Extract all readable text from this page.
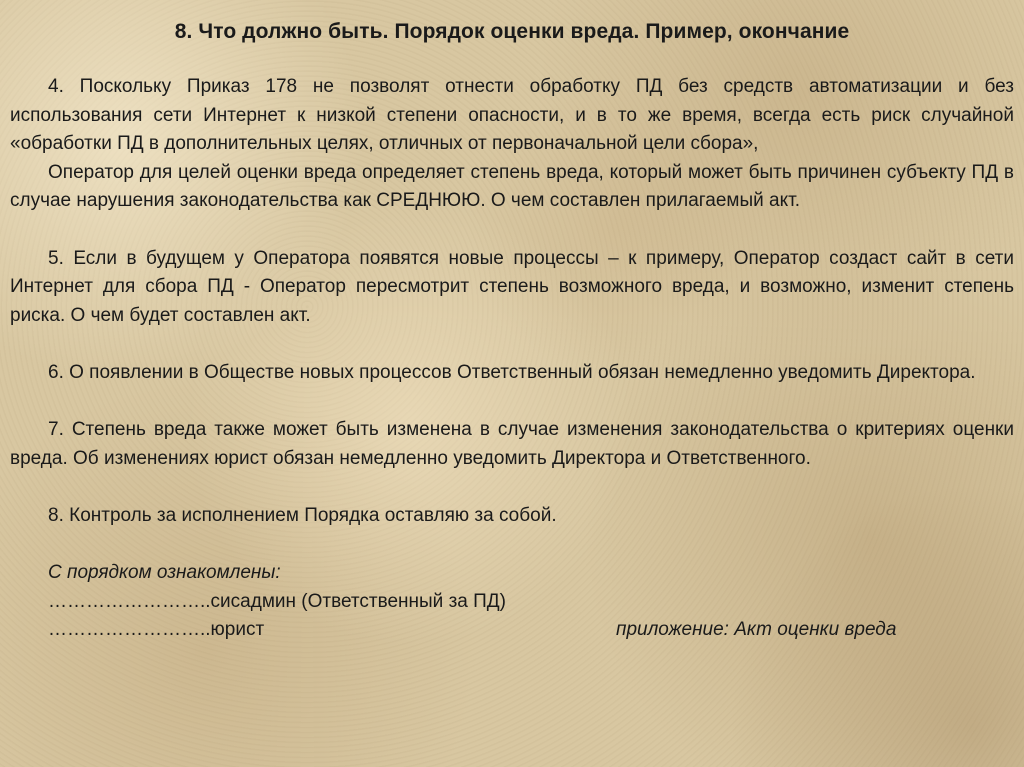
8. Что должно быть. Порядок оценки вреда. Пример, окончание

4. Поскольку Приказ 178 не позволят отнести обработку ПД без средств автоматизации и без использования сети Интернет к низкой степени опасности, и в то же время, всегда есть риск случайной «обработки ПД в дополнительных целях, отличных от первоначальной цели сбора»,

Оператор для целей оценки вреда определяет степень вреда, который может быть причинен субъекту ПД в случае нарушения законодательства как СРЕДНЮЮ. О чем составлен прилагаемый акт.

5. Если в будущем у Оператора появятся новые процессы – к примеру, Оператор создаст сайт в сети Интернет для сбора ПД - Оператор пересмотрит степень возможного вреда, и возможно, изменит степень риска. О чем будет составлен акт.

6. О появлении в Обществе новых процессов Ответственный обязан немедленно уведомить Директора.

7. Степень вреда также может быть изменена в случае изменения законодательства о критериях оценки вреда. Об изменениях юрист обязан немедленно уведомить Директора и Ответственного.

8. Контроль за исполнением Порядка оставляю за собой.

С порядком ознакомлены:

……………………..сисадмин (Ответственный за ПД)

……………………..юрист	приложение: Акт оценки вреда
